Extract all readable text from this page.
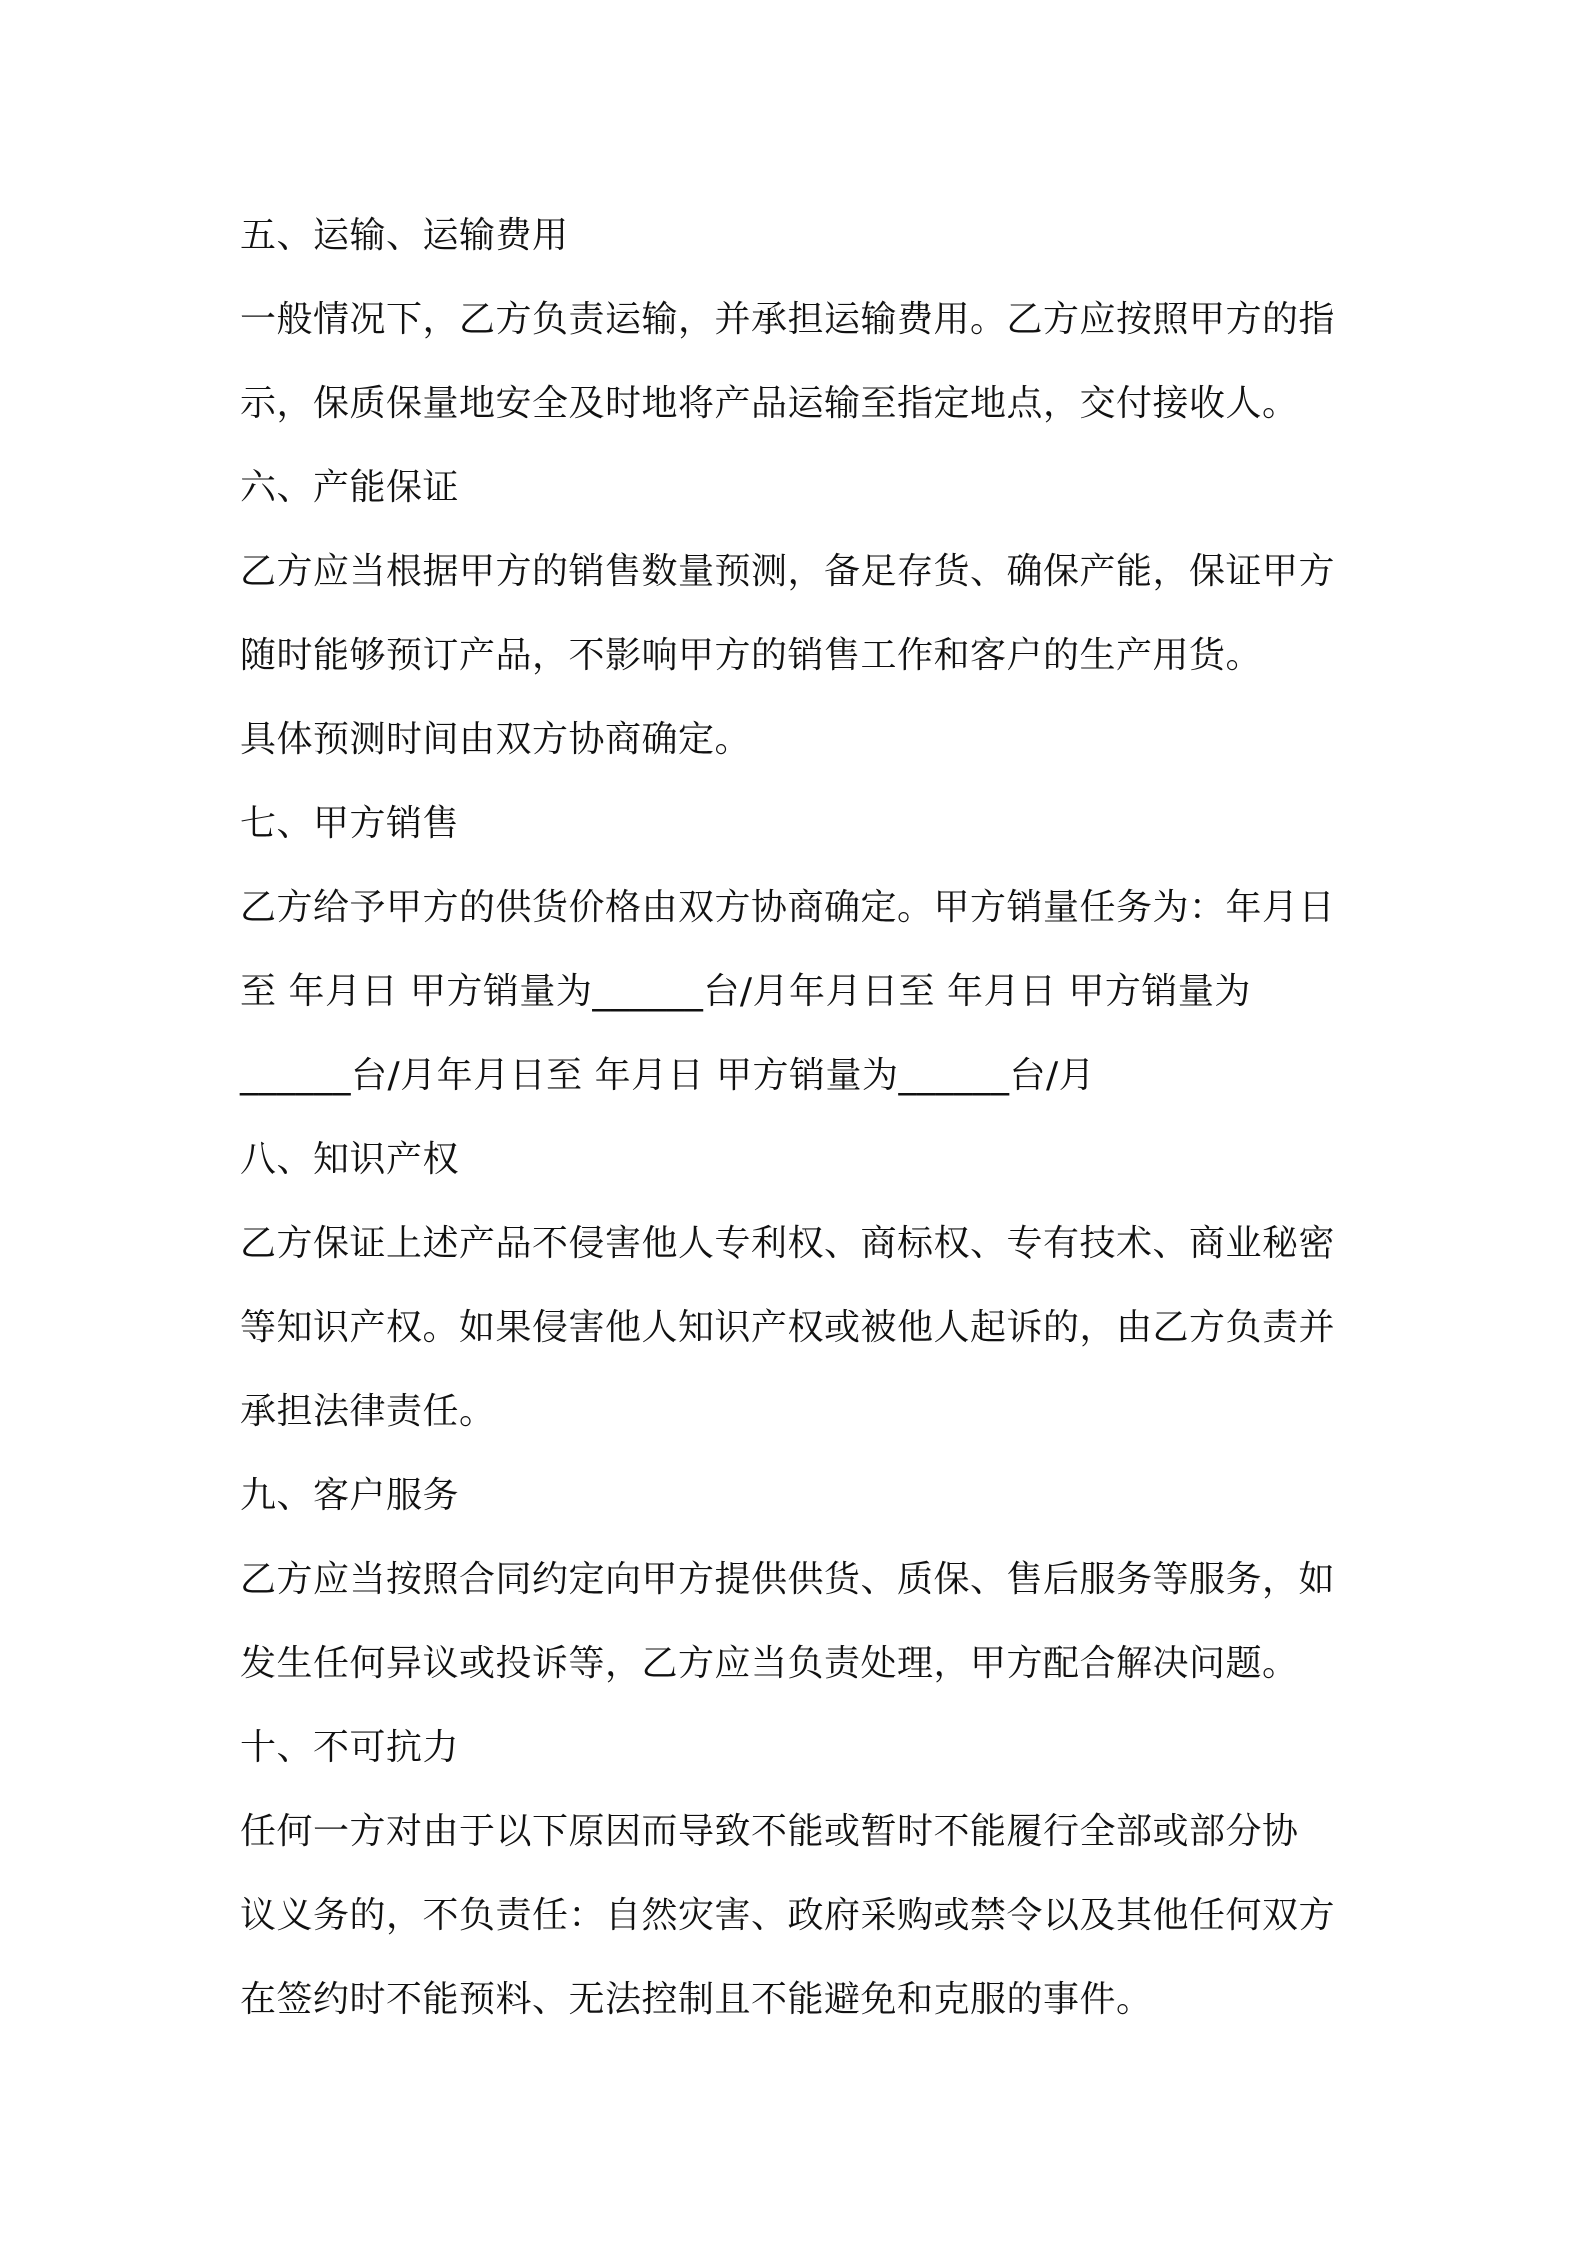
五、运输、运输费用
一般情况下，乙方负责运输，并承担运输费用。乙方应按照甲方的指
示，保质保量地安全及时地将产品运输至指定地点，交付接收人。
六、产能保证
乙方应当根据甲方的销售数量预测，备足存货、确保产能，保证甲方
随时能够预订产品，不影响甲方的销售工作和客户的生产用货。
具体预测时间由双方协商确定。
七、甲方销售
乙方给予甲方的供货价格由双方协商确定。甲方销量任务为：年月日
至 年月日 甲方销量为______台/月年月日至 年月日 甲方销量为
______台/月年月日至 年月日 甲方销量为______台/月
八、知识产权
乙方保证上述产品不侵害他人专利权、商标权、专有技术、商业秘密
等知识产权。如果侵害他人知识产权或被他人起诉的，由乙方负责并
承担法律责任。
九、客户服务
乙方应当按照合同约定向甲方提供供货、质保、售后服务等服务，如
发生任何异议或投诉等，乙方应当负责处理，甲方配合解决问题。
十、不可抗力
任何一方对由于以下原因而导致不能或暂时不能履行全部或部分协
议义务的，不负责任：自然灾害、政府采购或禁令以及其他任何双方
在签约时不能预料、无法控制且不能避免和克服的事件。
